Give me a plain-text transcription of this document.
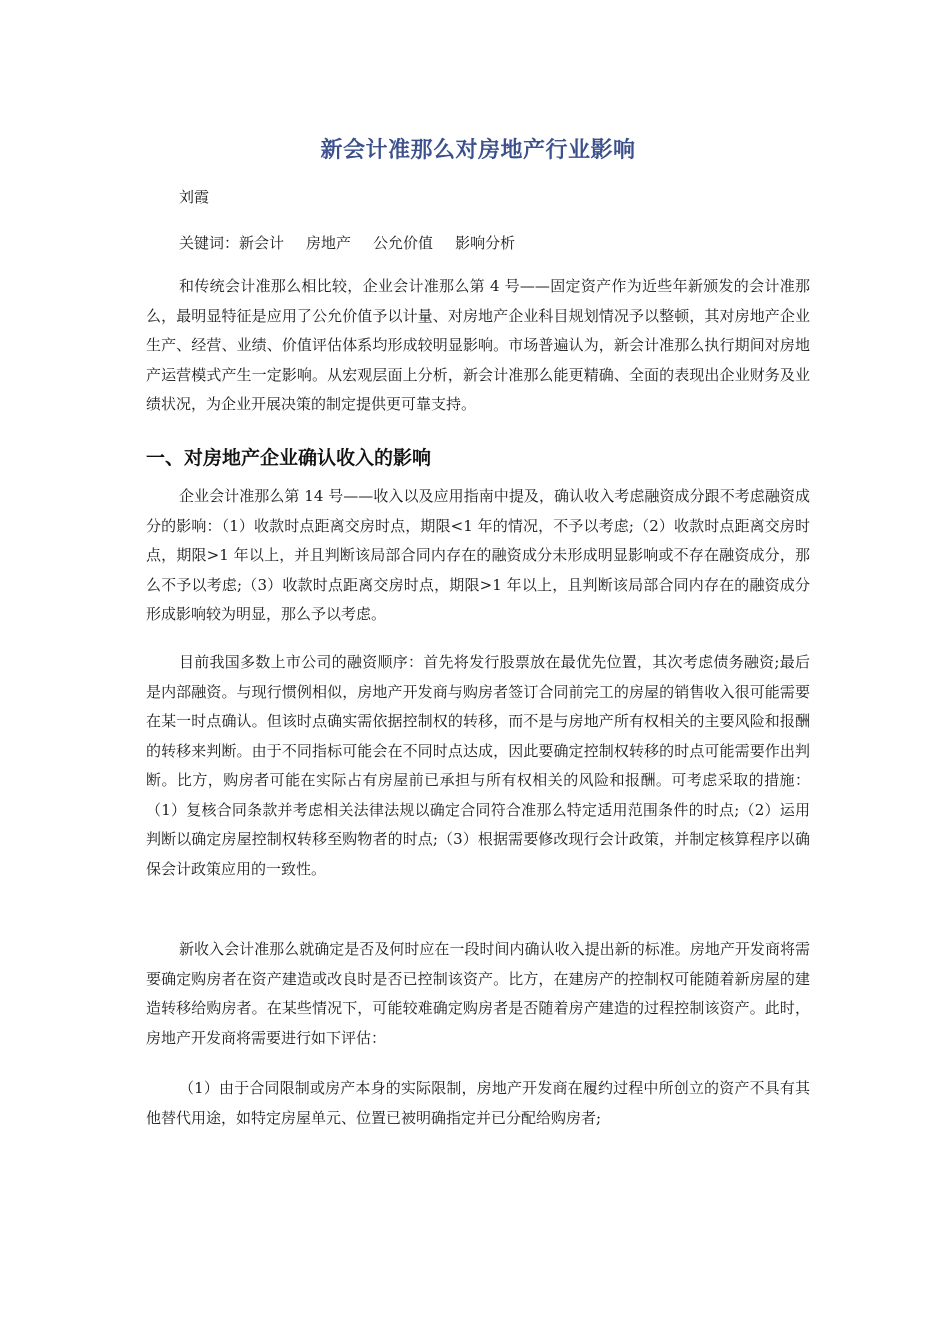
新会计准那么对房地产行业影响
刘霞
关键词：新会计 房地产 公允价值 影响分析

和传统会计准那么相比较，企业会计准那么第 4 号——固定资产作为近些年新颁发的会计准那么，最明显特征是应用了公允价值予以计量、对房地产企业科目规划情况予以整顿，其对房地产企业生产、经营、业绩、价值评估体系均形成较明显影响。市场普遍认为，新会计准那么执行期间对房地产运营模式产生一定影响。从宏观层面上分析，新会计准那么能更精确、全面的表现出企业财务及业绩状况，为企业开展决策的制定提供更可靠支持。

一、对房地产企业确认收入的影响

企业会计准那么第 14 号——收入以及应用指南中提及，确认收入考虑融资成分跟不考虑融资成分的影响：（1）收款时点距离交房时点，期限<1 年的情况，不予以考虑;（2）收款时点距离交房时点，期限>1 年以上，并且判断该局部合同内存在的融资成分未形成明显影响或不存在融资成分，那么不予以考虑;（3）收款时点距离交房时点，期限>1 年以上，且判断该局部合同内存在的融资成分形成影响较为明显，那么予以考虑。

目前我国多数上市公司的融资顺序：首先将发行股票放在最优先位置，其次考虑债务融资;最后是内部融资。与现行惯例相似，房地产开发商与购房者签订合同前完工的房屋的销售收入很可能需要在某一时点确认。但该时点确实需依据控制权的转移，而不是与房地产所有权相关的主要风险和报酬的转移来判断。由于不同指标可能会在不同时点达成，因此要确定控制权转移的时点可能需要作出判断。比方，购房者可能在实际占有房屋前已承担与所有权相关的风险和报酬。可考虑采取的措施：（1）复核合同条款并考虑相关法律法规以确定合同符合准那么特定适用范围条件的时点;（2）运用判断以确定房屋控制权转移至购物者的时点;（3）根据需要修改现行会计政策，并制定核算程序以确保会计政策应用的一致性。

新收入会计准那么就确定是否及何时应在一段时间内确认收入提出新的标准。房地产开发商将需要确定购房者在资产建造或改良时是否已控制该资产。比方，在建房产的控制权可能随着新房屋的建造转移给购房者。在某些情况下，可能较难确定购房者是否随着房产建造的过程控制该资产。此时，房地产开发商将需要进行如下评估：

（1）由于合同限制或房产本身的实际限制，房地产开发商在履约过程中所创立的资产不具有其他替代用途，如特定房屋单元、位置已被明确指定并已分配给购房者;
